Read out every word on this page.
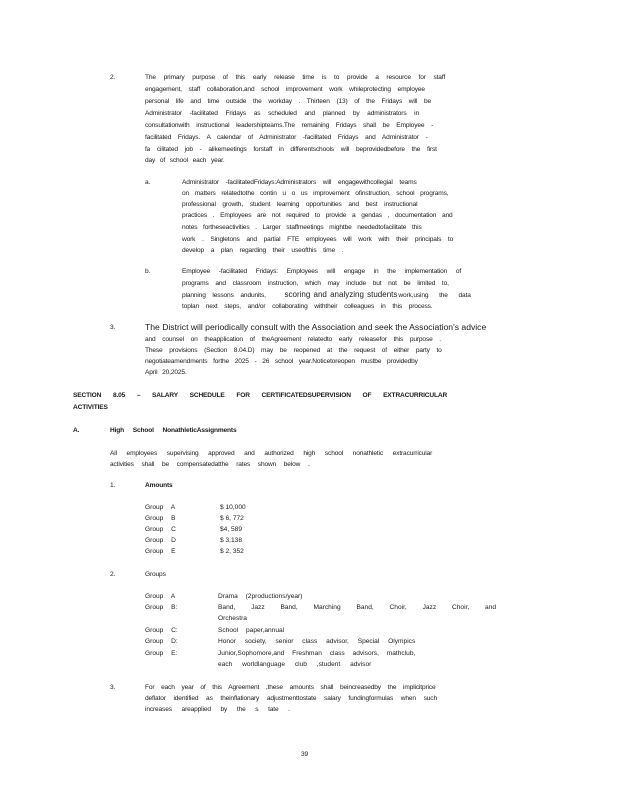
2.	The primary purpose of this early release time is to provide a resource for staff
engagement, staff collaboration,and school improvement work whileprotecting employee
personal life and time outside the workday . Thirteen (13) of the Fridays will be
Administrator -facilitated Fridays as scheduled and planned by administrators in
consultationwith instructional leadershipteams.The remaining Fridays shall be Employee -
facilitated Fridays. A calendar of Administrator -facilitated Fridays and Administrator -
fa cilitated job - alikemeetings forstaff in differentschools will beprovidedbefore the first
day of school each year.
a.	Administrator -facilitatedFridays:Administrators will engagewithcollegial teams
on matters relatedtothe contin u o us improvement ofinstruction, school programs,
professional growth, student learning opportunities and best instructional
practices . Employees are not required to provide a gendas , documentation and
notes fortheseactivities . Larger staffmeetings mightbe neededtofacilitate this
work . Singletons and partial FTE employees will work with their principals to
develop a plan regarding their useofthis time .
b.	Employee -facilitated Fridays: Employees will engage in the implementation of
programs and classroom instruction, which may include but not be limited to,
planning lessons andunits, scoring and analyzing studentswork,using the data
toplan next steps, and/or collaborating withtheir colleagues in this process.
3.	The District will periodically consult with the Association and seek the Association's advice
and counsel on theapplication of theAgreement relatedto early releasefor this purpose .
These provisions (Section 8.04.D) may be reopened at the request of either party to
negotiateamendments forthe 2025 - 26 school year.Noticetoreopen mustbe providedby
April 20,2025.
SECTION 8.05 – SALARY SCHEDULE FOR CERTIFICATEDSUPERVISION OF EXTRACURRICULAR
ACTIVITIES
A.	High School NonathleticAssignments
All employees supervising approved and authorized high school nonathletic extracurricular
activities shall be compensatedatthe rates shown below .
1.	Amounts
Group A	$ 10,000
Group B	$ 6, 772
Group C	$4, 589
Group D	$ 3,138
Group E	$ 2, 352
2.	Groups
Group A	Drama (2productions/year)
Group B:	Band, Jazz Band, Marching Band, Choir, Jazz Choir, and
Orchestra
Group C:	School paper,annual
Group D:	Honor society, senior class advisor, Special Olympics
Group E:	Junior,Sophomore,and Freshman class advisors, mathclub,
each worldlanguage club ,student advisor
3.	For each year of this Agreement ,these amounts shall beincreasedby the implicitprice
deflator identified as theinflationary adjustmenttostate salary fundingformulas when such
increases areapplied by the s tate .
39
